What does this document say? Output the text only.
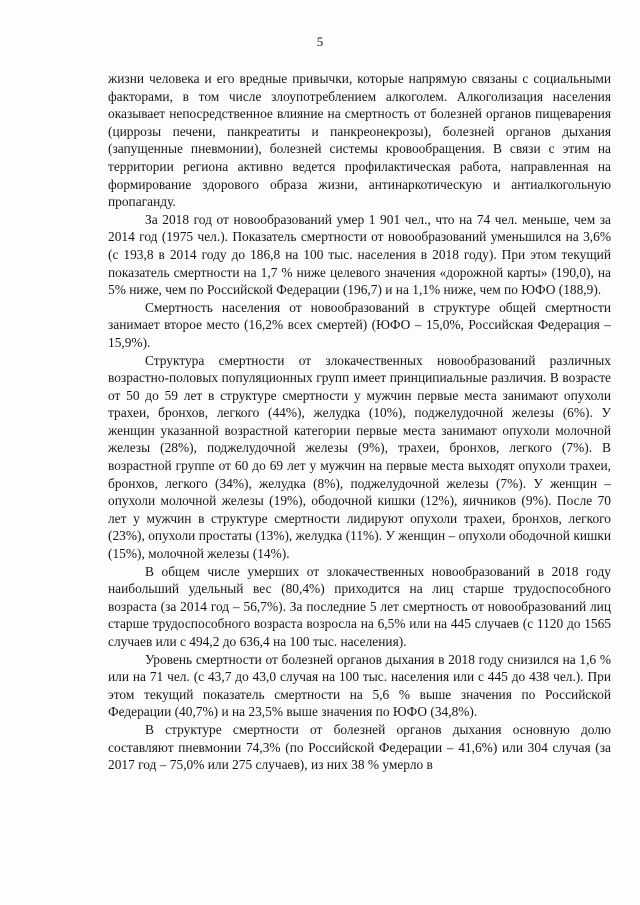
5

жизни человека и его вредные привычки, которые напрямую связаны с социальными факторами, в том числе злоупотреблением алкоголем. Алкоголизация населения оказывает непосредственное влияние на смертность от болезней органов пищеварения (циррозы печени, панкреатиты и панкреонекрозы), болезней органов дыхания (запущенные пневмонии), болезней системы кровообращения. В связи с этим на территории региона активно ведется профилактическая работа, направленная на формирование здорового образа жизни, антинаркотическую и антиалкогольную пропаганду.

За 2018 год от новообразований умер 1 901 чел., что на 74 чел. меньше, чем за 2014 год (1975 чел.). Показатель смертности от новообразований уменьшился на 3,6% (с 193,8 в 2014 году до 186,8 на 100 тыс. населения в 2018 году). При этом текущий показатель смертности на 1,7 % ниже целевого значения «дорожной карты» (190,0), на 5% ниже, чем по Российской Федерации (196,7) и на 1,1% ниже, чем по ЮФО (188,9).

Смертность населения от новообразований в структуре общей смертности занимает второе место (16,2% всех смертей) (ЮФО – 15,0%, Российская Федерация – 15,9%).

Структура смертности от злокачественных новообразований различных возрастно-половых популяционных групп имеет принципиальные различия. В возрасте от 50 до 59 лет в структуре смертности у мужчин первые места занимают опухоли трахеи, бронхов, легкого (44%), желудка (10%), поджелудочной железы (6%). У женщин указанной возрастной категории первые места занимают опухоли молочной железы (28%), поджелудочной железы (9%), трахеи, бронхов, легкого (7%). В возрастной группе от 60 до 69 лет у мужчин на первые места выходят опухоли трахеи, бронхов, легкого (34%), желудка (8%), поджелудочной железы (7%). У женщин – опухоли молочной железы (19%), ободочной кишки (12%), яичников (9%). После 70 лет у мужчин в структуре смертности лидируют опухоли трахеи, бронхов, легкого (23%), опухоли простаты (13%), желудка (11%). У женщин – опухоли ободочной кишки (15%), молочной железы (14%).

В общем числе умерших от злокачественных новообразований в 2018 году наибольший удельный вес (80,4%) приходится на лиц старше трудоспособного возраста (за 2014 год – 56,7%). За последние 5 лет смертность от новообразований лиц старше трудоспособного возраста возросла на 6,5% или на 445 случаев (с 1120 до 1565 случаев или с 494,2 до 636,4 на 100 тыс. населения).

Уровень смертности от болезней органов дыхания в 2018 году снизился на 1,6 % или на 71 чел. (с 43,7 до 43,0 случая на 100 тыс. населения или с 445 до 438 чел.). При этом текущий показатель смертности на 5,6 % выше значения по Российской Федерации (40,7%) и на 23,5% выше значения по ЮФО (34,8%).

В структуре смертности от болезней органов дыхания основную долю составляют пневмонии 74,3% (по Российской Федерации – 41,6%) или 304 случая (за 2017 год – 75,0% или 275 случаев), из них 38 % умерло в
